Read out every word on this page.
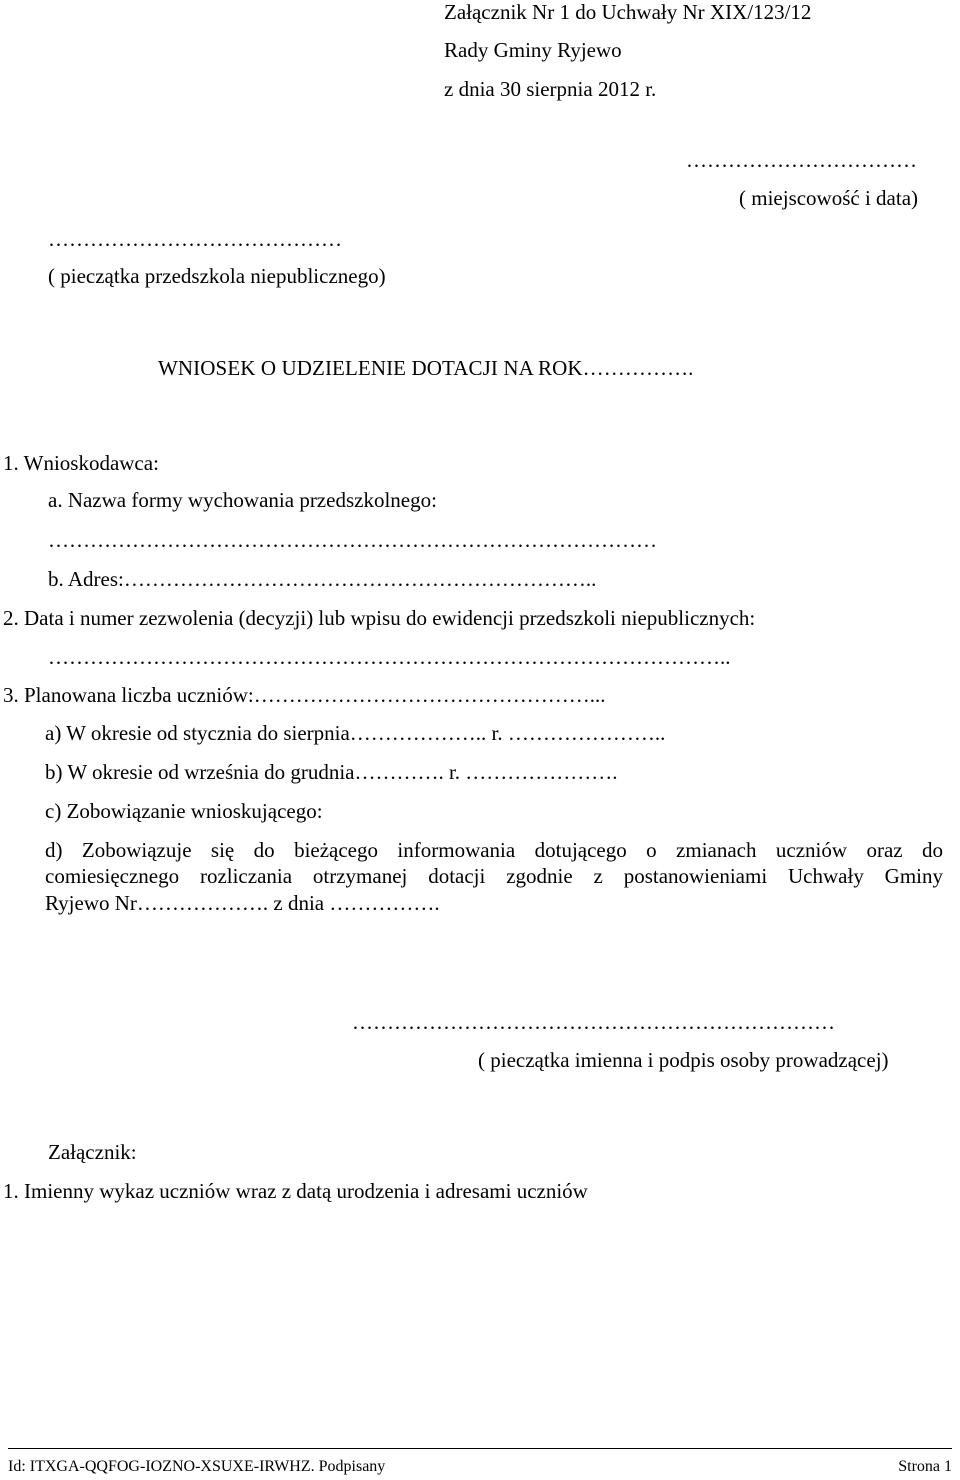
Załącznik Nr 1 do Uchwały Nr XIX/123/12
Rady Gminy Ryjewo
z dnia 30 sierpnia 2012 r.
……………………………
( miejscowość i data)
……………………………………
( pieczątka przedszkola niepublicznego)
WNIOSEK O UDZIELENIE DOTACJI NA ROK…………….
1. Wnioskodawca:
a. Nazwa formy wychowania przedszkolnego:
……………………………………………………………………………
b. Adres:…………………………………………………………..
2. Data i numer zezwolenia (decyzji) lub wpisu do ewidencji przedszkoli niepublicznych:
……………………………………………………………………………………..
3. Planowana liczba uczniów:…………………………………………...
a) W okresie od stycznia do sierpnia……………….. r. …………………..
b) W okresie od września do grudnia…………. r. ………………….
c) Zobowiązanie wnioskującego:
d) Zobowiązuje się do bieżącego informowania dotującego o zmianach uczniów oraz do
comiesięcznego rozliczania otrzymanej dotacji zgodnie z postanowieniami Uchwały Gminy
Ryjewo Nr………………. z dnia …………….
……………………………………………………………
( pieczątka imienna i podpis osoby prowadzącej)
Załącznik:
1. Imienny wykaz uczniów wraz z datą urodzenia i adresami uczniów
Id: ITXGA-QQFOG-IOZNO-XSUXE-IRWHZ. Podpisany	Strona 1
